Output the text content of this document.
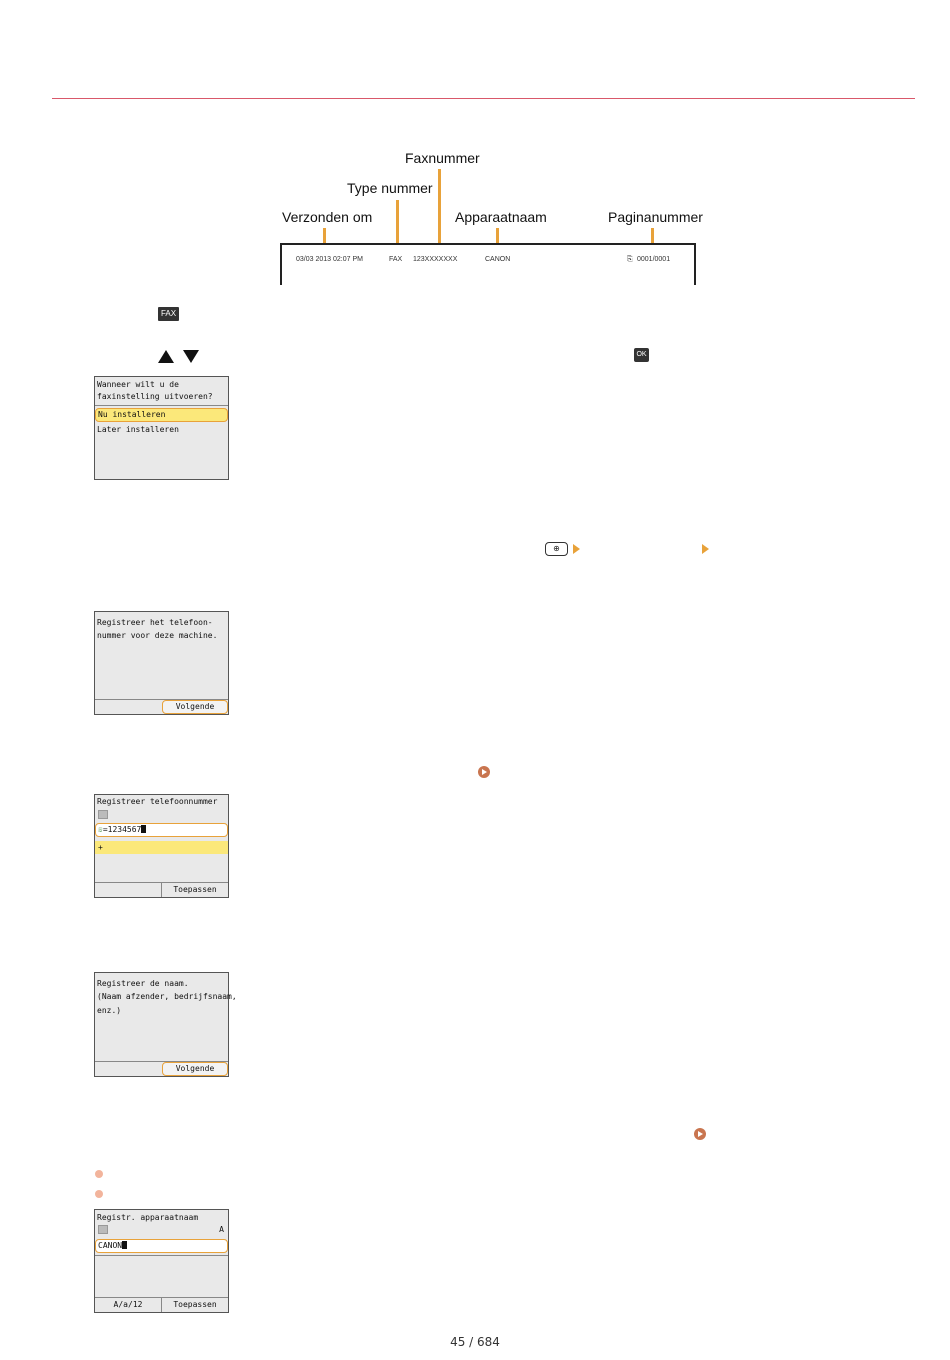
Faxnummer
Type nummer
Verzonden om	Apparaatnaam	Paginanummer
03/03 2013 02:07 PM	FAX 123XXXXXXX	CANON	⎘ 0001/0001
FAX
OK
Wanneer wilt u de
faxinstelling uitvoeren?
Nu installeren
Later installeren
⊕
Registreer het telefoon-
nummer voor deze machine.
Volgende
Registreer telefoonnummer
☏=1234567
+
Toepassen
Registreer de naam.
(Naam afzender, bedrijfsnaam,
enz.)
Volgende
Registr. apparaatnaam
A
CANON
A/a/12	Toepassen
45 / 684
